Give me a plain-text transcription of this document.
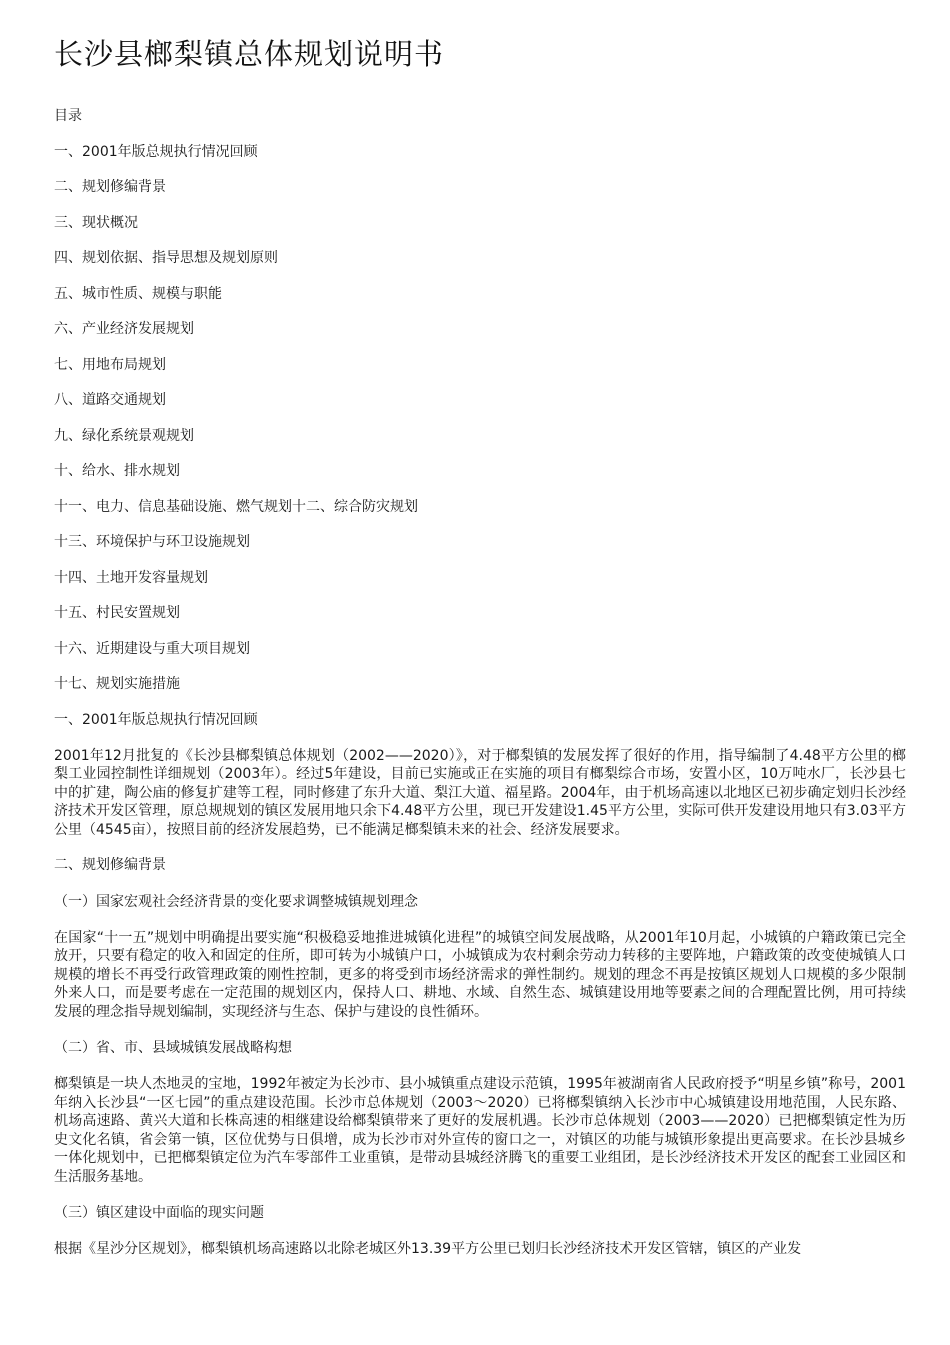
长沙县榔梨镇总体规划说明书
目录
一、2001年版总规执行情况回顾
二、规划修编背景
三、现状概况
四、规划依据、指导思想及规划原则
五、城市性质、规模与职能
六、产业经济发展规划
七、用地布局规划
八、道路交通规划
九、绿化系统景观规划
十、给水、排水规划
十一、电力、信息基础设施、燃气规划十二、综合防灾规划
十三、环境保护与环卫设施规划
十四、土地开发容量规划
十五、村民安置规划
十六、近期建设与重大项目规划
十七、规划实施措施
一、2001年版总规执行情况回顾

2001年12月批复的《长沙县榔梨镇总体规划（2002——2020）》，对于榔梨镇的发展发挥了很好的作用，指导编制了4.48平方公里的榔梨工业园控制性详细规划（2003年）。经过5年建设，目前已实施或正在实施的项目有榔梨综合市场，安置小区，10万吨水厂，长沙县七中的扩建，陶公庙的修复扩建等工程，同时修建了东升大道、梨江大道、福星路。2004年，由于机场高速以北地区已初步确定划归长沙经济技术开发区管理，原总规规划的镇区发展用地只余下4.48平方公里，现已开发建设1.45平方公里，实际可供开发建设用地只有3.03平方公里（4545亩），按照目前的经济发展趋势，已不能满足榔梨镇未来的社会、经济发展要求。

二、规划修编背景
（一）国家宏观社会经济背景的变化要求调整城镇规划理念

在国家“十一五”规划中明确提出要实施“积极稳妥地推进城镇化进程”的城镇空间发展战略，从2001年10月起，小城镇的户籍政策已完全放开，只要有稳定的收入和固定的住所，即可转为小城镇户口，小城镇成为农村剩余劳动力转移的主要阵地，户籍政策的改变使城镇人口规模的增长不再受行政管理政策的刚性控制，更多的将受到市场经济需求的弹性制约。规划的理念不再是按镇区规划人口规模的多少限制外来人口，而是要考虑在一定范围的规划区内，保持人口、耕地、水域、自然生态、城镇建设用地等要素之间的合理配置比例，用可持续发展的理念指导规划编制，实现经济与生态、保护与建设的良性循环。

（二）省、市、县域城镇发展战略构想

榔梨镇是一块人杰地灵的宝地，1992年被定为长沙市、县小城镇重点建设示范镇，1995年被湖南省人民政府授予“明星乡镇”称号，2001年纳入长沙县“一区七园”的重点建设范围。长沙市总体规划（2003～2020）已将榔梨镇纳入长沙市中心城镇建设用地范围，人民东路、机场高速路、黄兴大道和长株高速的相继建设给榔梨镇带来了更好的发展机遇。长沙市总体规划（2003——2020）已把榔梨镇定性为历史文化名镇，省会第一镇，区位优势与日俱增，成为长沙市对外宣传的窗口之一，对镇区的功能与城镇形象提出更高要求。在长沙县城乡一体化规划中，已把榔梨镇定位为汽车零部件工业重镇，是带动县城经济腾飞的重要工业组团，是长沙经济技术开发区的配套工业园区和生活服务基地。

（三）镇区建设中面临的现实问题

根据《星沙分区规划》，榔梨镇机场高速路以北除老城区外13.39平方公里已划归长沙经济技术开发区管辖，镇区的产业发
